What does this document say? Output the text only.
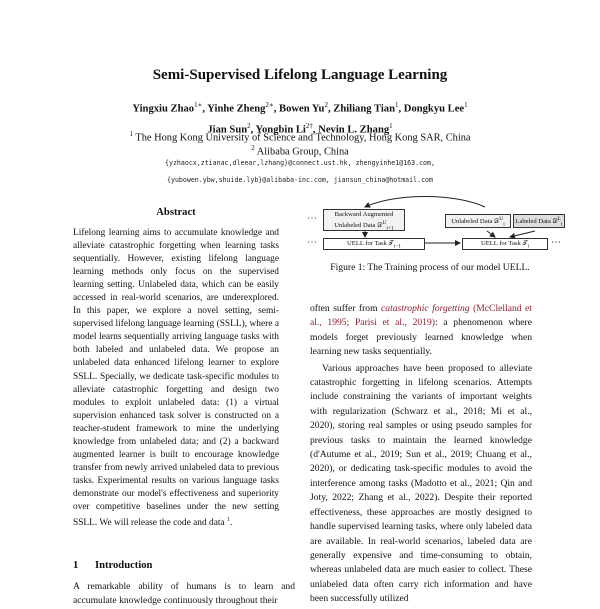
Semi-Supervised Lifelong Language Learning
Yingxiu Zhao$^{1∗}$, Yinhe Zheng$^{2∗}$, Bowen Yu$^2$, Zhiliang Tian$^1$, Dongkyu Lee$^1$
Jian Sun$^2$, Yongbin $Li^{2\dagger}$, Nevin L. Zhang$^1$
$^1$ The Hong Kong University of Science and Technology, Hong Kong SAR, China
$^2$ Alibaba Group, China
{yzhaocx,ztianac,dleear,lzhang}@connect.ust.hk, zhengyinhe1@163.com,
{yubowen.ybw,shuide.lyb}@alibaba-inc.com, jiansun_china@hotmail.com
Abstract
Lifelong learning aims to accumulate knowledge and alleviate catastrophic forgetting when learning tasks sequentially. However, existing lifelong language learning methods only focus on the supervised learning setting. Unlabeled data, which can be easily accessed in real-world scenarios, are underexplored. In this paper, we explore a novel setting, semi-supervised lifelong language learning (SSLL), where a model learns sequentially arriving language tasks with both labeled and unlabeled data. We propose an unlabeled data enhanced lifelong learner to explore SSLL. Specially, we dedicate task-specific modules to alleviate catastrophic forgetting and design two modules to exploit unlabeled data: (1) a virtual supervision enhanced task solver is constructed on a teacher-student framework to mine the underlying knowledge from unlabeled data; and (2) a backward augmented learner is built to encourage knowledge transfer from newly arrived unlabeled data to previous tasks. Experimental results on various language tasks demonstrate our model's effectiveness and superiority over competitive baselines under the new setting SSLL. We will release the code and data $^1$.
1 Introduction
A remarkable ability of humans is to learn and accumulate knowledge continuously throughout their
⋯	Backward Augmented
Unlabeled Data 𝒟$^U_{i+1}$
Unlabeled Data 𝒟$^U_i$	Labeled Data 𝒟$^L_i$
⋯	UELL for Task 𝒯$_{i-1}$	UELL for Task 𝒯$_i$	⋯
Figure 1: The Training process of our model UELL.

often suffer from catastrophic forgetting (McClelland et al., 1995; Parisi et al., 2019): a phenomenon where models forget previously learned knowledge when learning new tasks sequentially.

Various approaches have been proposed to alleviate catastrophic forgetting in lifelong scenarios. Attempts include constraining the variants of important weights with regularization (Schwarz et al., 2018; Mi et al., 2020), storing real samples or using pseudo samples for previous tasks to maintain the learned knowledge (d'Autume et al., 2019; Sun et al., 2019; Chuang et al., 2020), or dedicating task-specific modules to avoid the interference among tasks (Madotto et al., 2021; Qin and Joty, 2022; Zhang et al., 2022). Despite their reported effectiveness, these approaches are mostly designed to handle supervised learning tasks, where only labeled data are available. In real-world scenarios, labeled data are generally expensive and time-consuming to obtain, whereas unlabeled data are much easier to collect. These unlabeled data often carry rich information and have been successfully utilized
